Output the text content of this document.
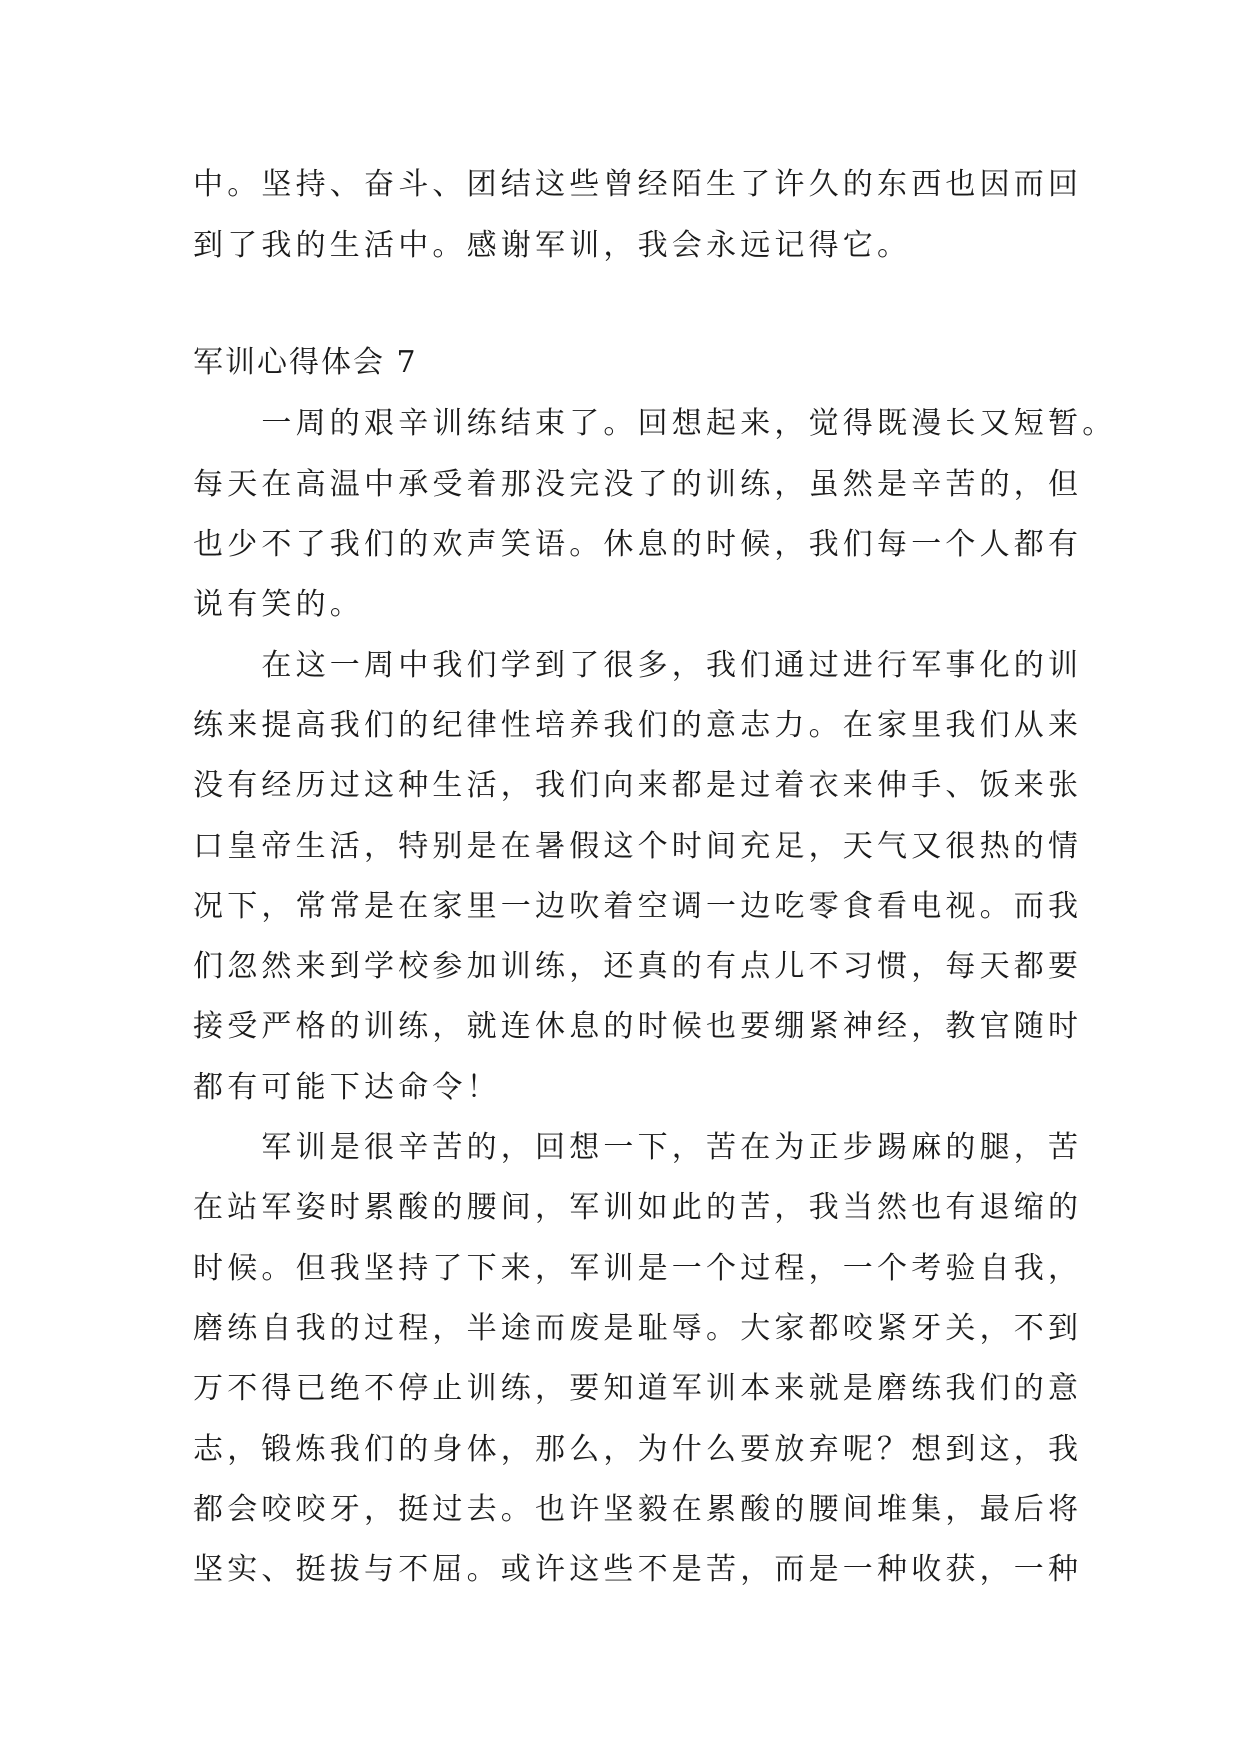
中。坚持、奋斗、团结这些曾经陌生了许久的东西也因而回

到了我的生活中。感谢军训，我会永远记得它。

军训心得体会 7

　　一周的艰辛训练结束了。回想起来，觉得既漫长又短暂。

每天在高温中承受着那没完没了的训练，虽然是辛苦的，但

也少不了我们的欢声笑语。休息的时候，我们每一个人都有

说有笑的。

　　在这一周中我们学到了很多，我们通过进行军事化的训

练来提高我们的纪律性培养我们的意志力。在家里我们从来

没有经历过这种生活，我们向来都是过着衣来伸手、饭来张

口皇帝生活，特别是在暑假这个时间充足，天气又很热的情

况下，常常是在家里一边吹着空调一边吃零食看电视。而我

们忽然来到学校参加训练，还真的有点儿不习惯，每天都要

接受严格的训练，就连休息的时候也要绷紧神经，教官随时

都有可能下达命令！

　　军训是很辛苦的，回想一下，苦在为正步踢麻的腿，苦

在站军姿时累酸的腰间，军训如此的苦，我当然也有退缩的

时候。但我坚持了下来，军训是一个过程，一个考验自我，

磨练自我的过程，半途而废是耻辱。大家都咬紧牙关，不到

万不得已绝不停止训练，要知道军训本来就是磨练我们的意

志，锻炼我们的身体，那么，为什么要放弃呢？想到这，我

都会咬咬牙，挺过去。也许坚毅在累酸的腰间堆集，最后将

坚实、挺拔与不屈。或许这些不是苦，而是一种收获，一种
